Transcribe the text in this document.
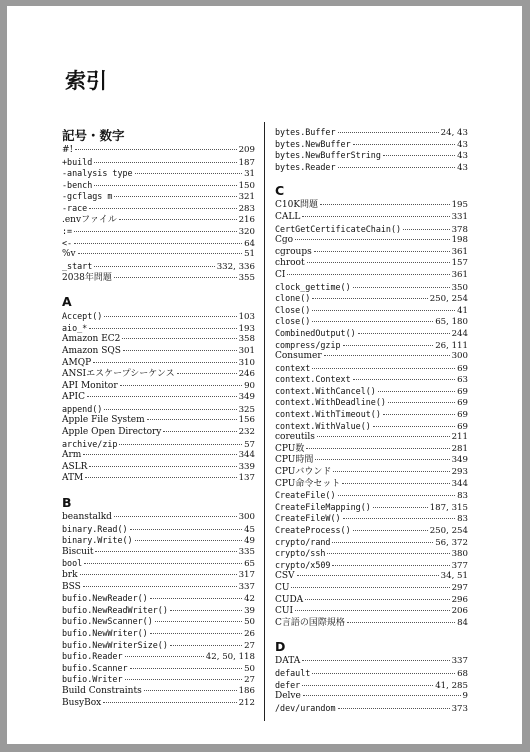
索引
記号・数字
#!	209
+build	187
-analysis type	31
-bench	150
-gcflags m	321
-race	283
.envファイル	216
:=	320
<-	64
%v	51
_start	332, 336
2038年問題	355
A
Accept()	103
aio_*	193
Amazon EC2	358
Amazon SQS	301
AMQP	310
ANSIエスケープシーケンス	246
API Monitor	90
APIC	349
append()	325
Apple File System	156
Apple Open Directory	232
archive/zip	57
Arm	344
ASLR	339
ATM	137
B
beanstalkd	300
binary.Read()	45
binary.Write()	49
Biscuit	335
bool	65
brk	317
BSS	337
bufio.NewReader()	42
bufio.NewReadWriter()	39
bufio.NewScanner()	50
bufio.NewWriter()	26
bufio.NewWriterSize()	27
bufio.Reader	42, 50, 118
bufio.Scanner	50
bufio.Writer	27
Build Constraints	186
BusyBox	212
bytes.Buffer	24, 43
bytes.NewBuffer	43
bytes.NewBufferString	43
bytes.Reader	43
C
C10K問題	195
CALL	331
CertGetCertificateChain()	378
Cgo	198
cgroups	361
chroot	157
CI	361
clock_gettime()	350
clone()	250, 254
Close()	41
close()	65, 180
CombinedOutput()	244
compress/gzip	26, 111
Consumer	300
context	69
context.Context	63
context.WithCancel()	69
context.WithDeadline()	69
context.WithTimeout()	69
context.WithValue()	69
coreutils	211
CPU数	281
CPU時間	349
CPUバウンド	293
CPU命令セット	344
CreateFile()	83
CreateFileMapping()	187, 315
CreateFileW()	83
CreateProcess()	250, 254
crypto/rand	56, 372
crypto/ssh	380
crypto/x509	377
CSV	34, 51
CU	297
CUDA	296
CUI	206
C言語の国際規格	84
D
DATA	337
default	68
defer	41, 285
Delve	9
/dev/urandom	373
